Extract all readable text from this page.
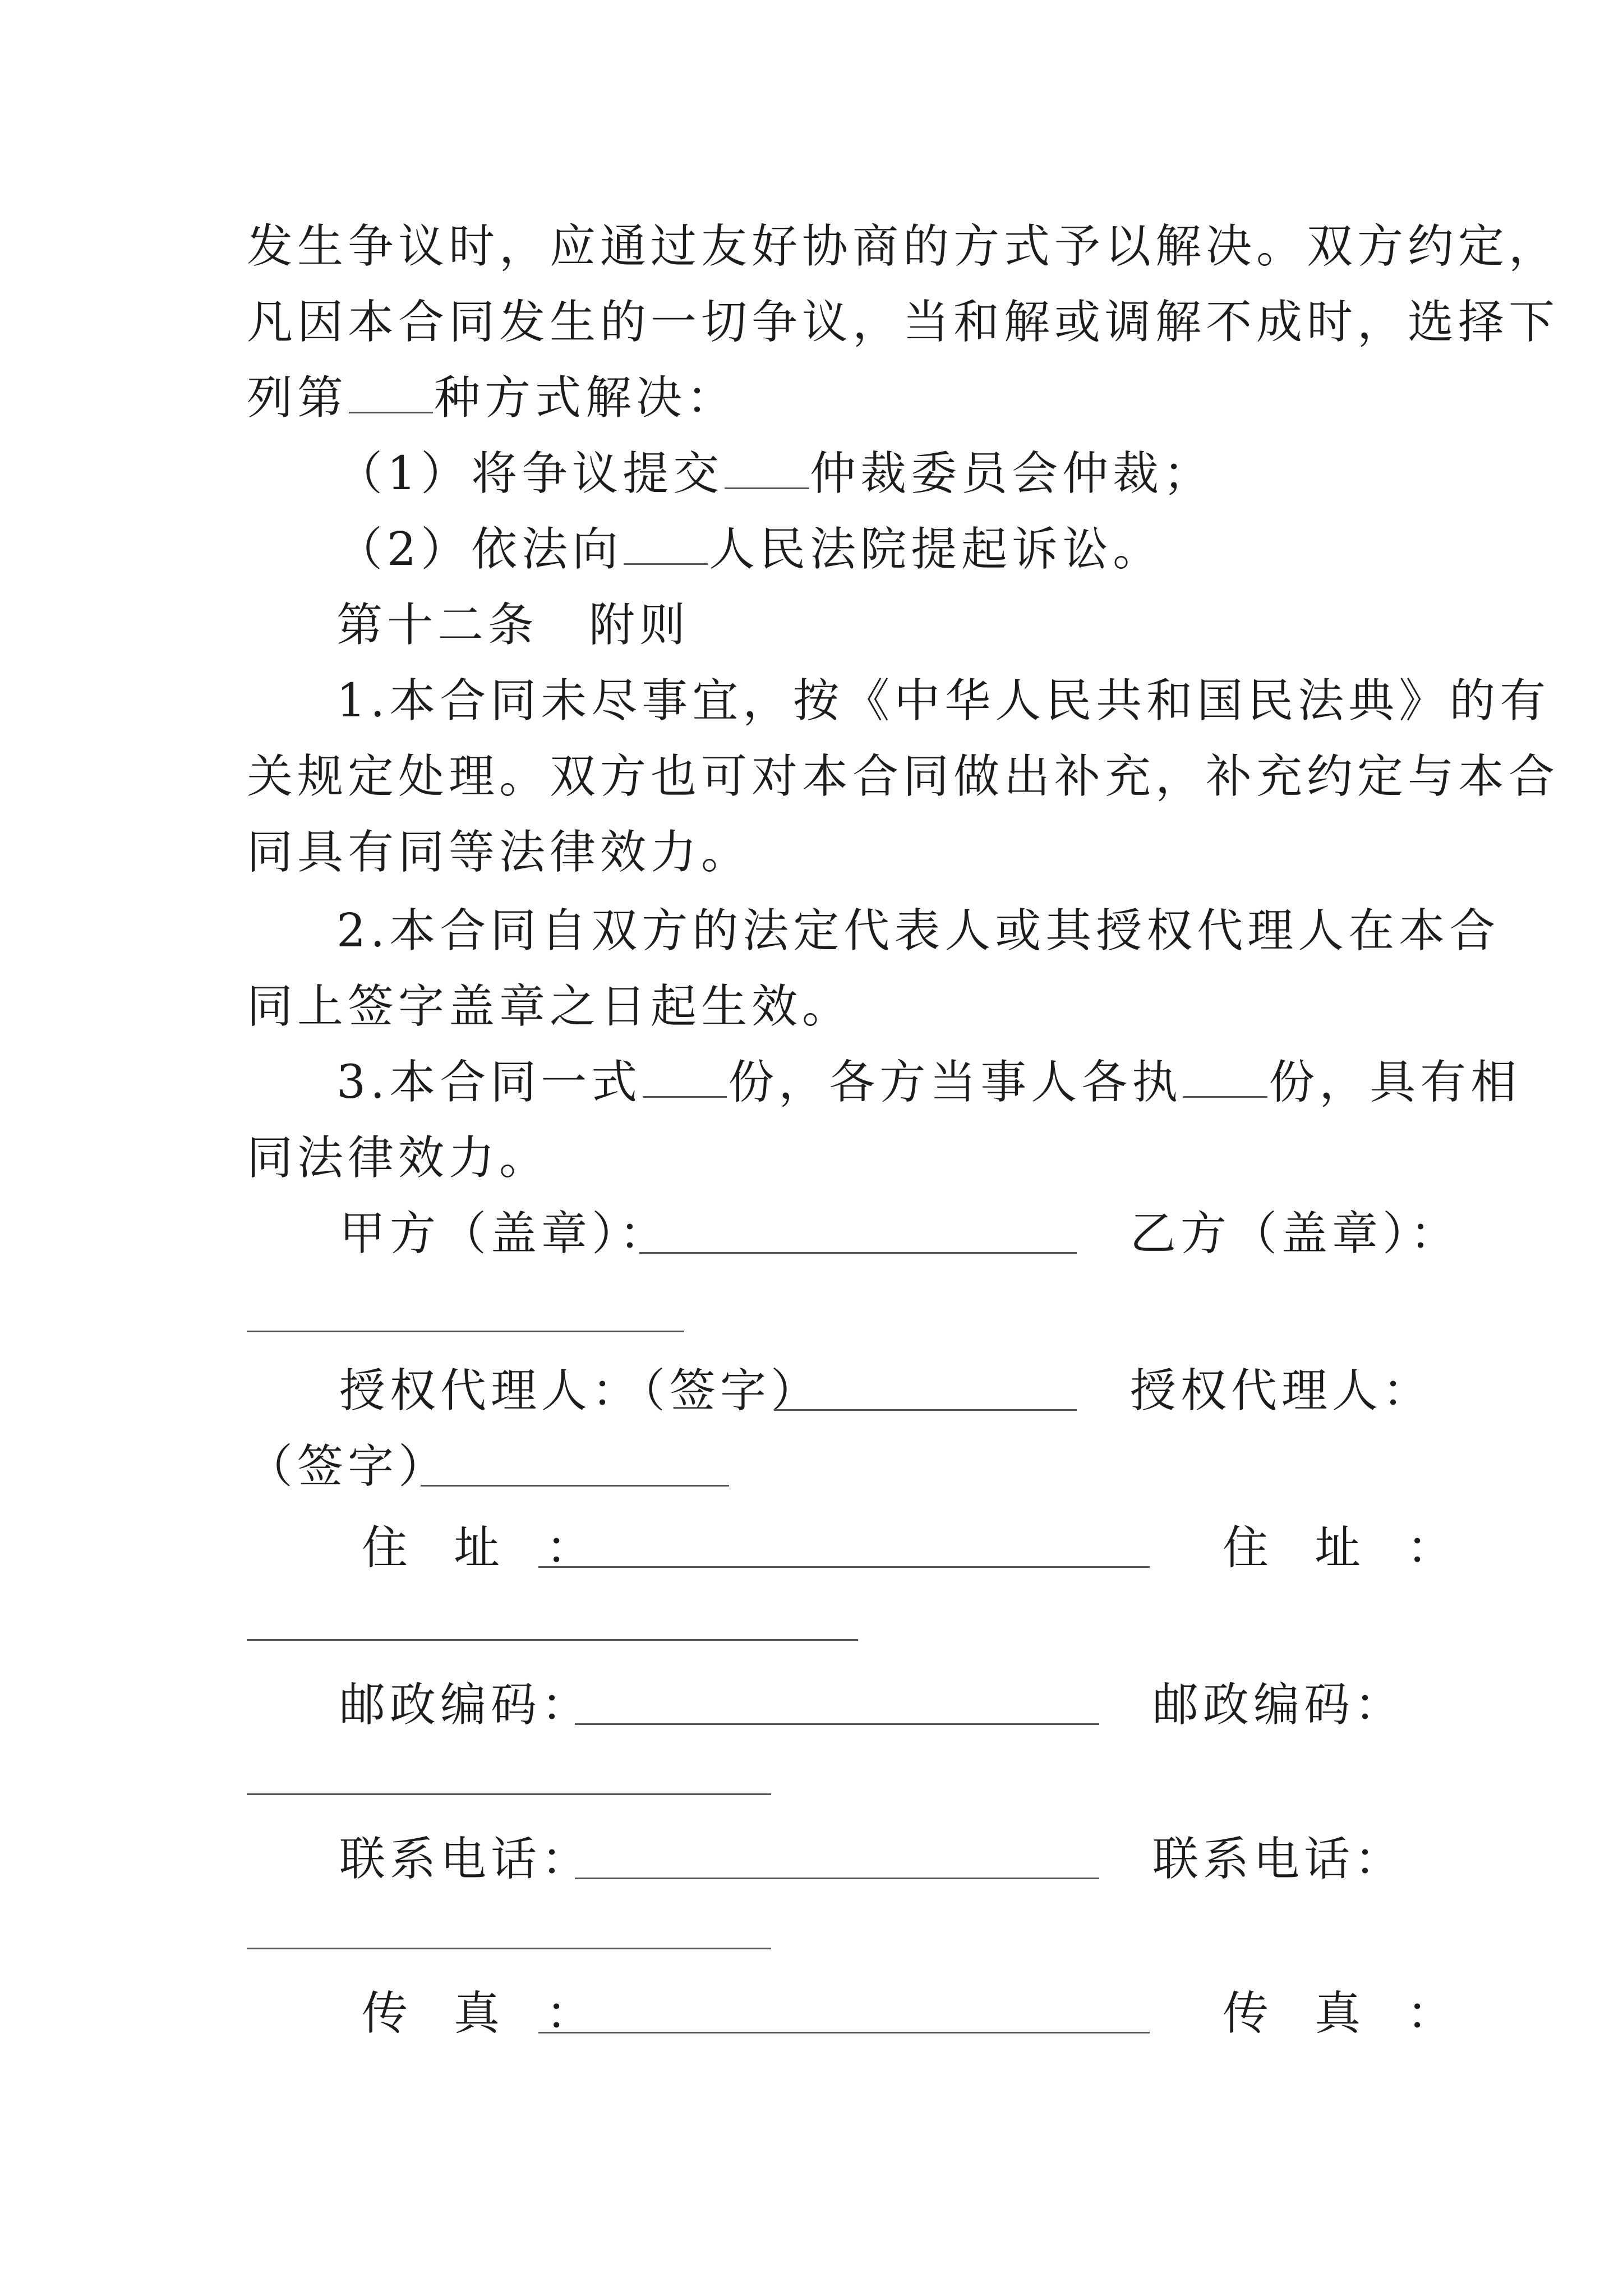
发生争议时，应通过友好协商的方式予以解决。双方约定，
凡因本合同发生的一切争议，当和解或调解不成时，选择下
列第 种方式解决：
（1）将争议提交 仲裁委员会仲裁；
（2）依法向 人民法院提起诉讼。
第十二条　附则
1.本合同未尽事宜，按《中华人民共和国民法典》的有
关规定处理。双方也可对本合同做出补充，补充约定与本合
同具有同等法律效力。
2.本合同自双方的法定代表人或其授权代理人在本合
同上签字盖章之日起生效。
3.本合同一式 份，各方当事人各执 份，具有相
同法律效力。
甲方（盖章）：	乙方（盖章）：
授权代理人：（签字）	授权代理人：
（签字）
住 址 ：	住 址 ：
邮政编码：	邮政编码：
联系电话：	联系电话：
传 真 ：	传 真 ：
